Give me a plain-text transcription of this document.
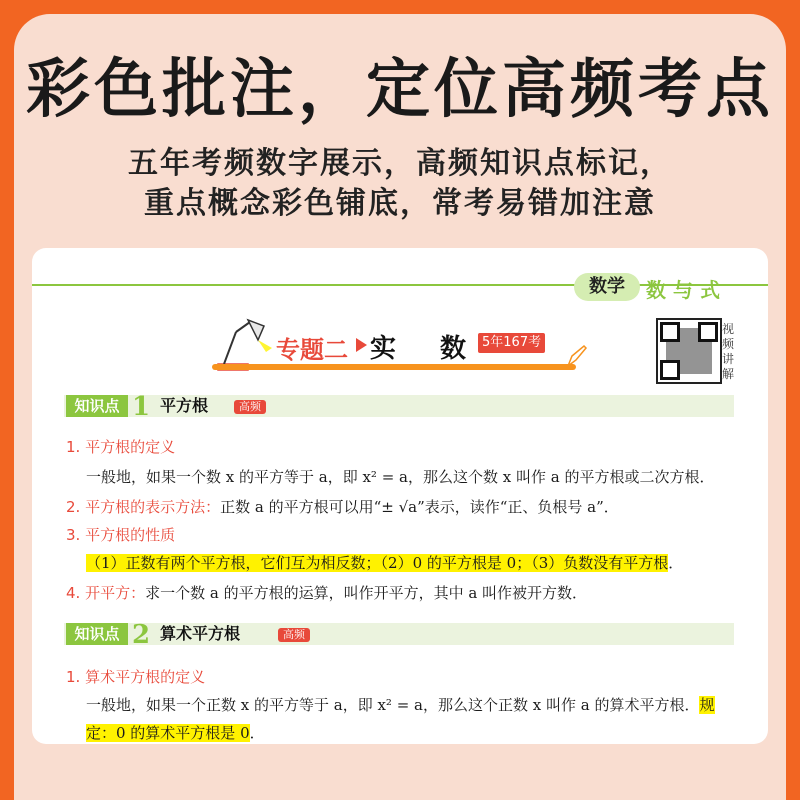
彩色批注，定位高频考点
五年考频数字展示，高频知识点标记，
重点概念彩色铺底，常考易错加注意
数学	数与式
专题二 实 数	5年167考
视频讲解
知识点 1 平方根	高频
1. 平方根的定义
一般地，如果一个数 x 的平方等于 a，即 x² = a，那么这个数 x 叫作 a 的平方根或二次方根．
2. 平方根的表示方法：正数 a 的平方根可以用“± √a”表示，读作“正、负根号 a”．
3. 平方根的性质
（1）正数有两个平方根，它们互为相反数；（2）0 的平方根是 0；（3）负数没有平方根．
4. 开平方：求一个数 a 的平方根的运算，叫作开平方，其中 a 叫作被开方数．
知识点 2 算术平方根	高频
1. 算术平方根的定义
一般地，如果一个正数 x 的平方等于 a，即 x² = a，那么这个正数 x 叫作 a 的算术平方根．规
定：0 的算术平方根是 0．
